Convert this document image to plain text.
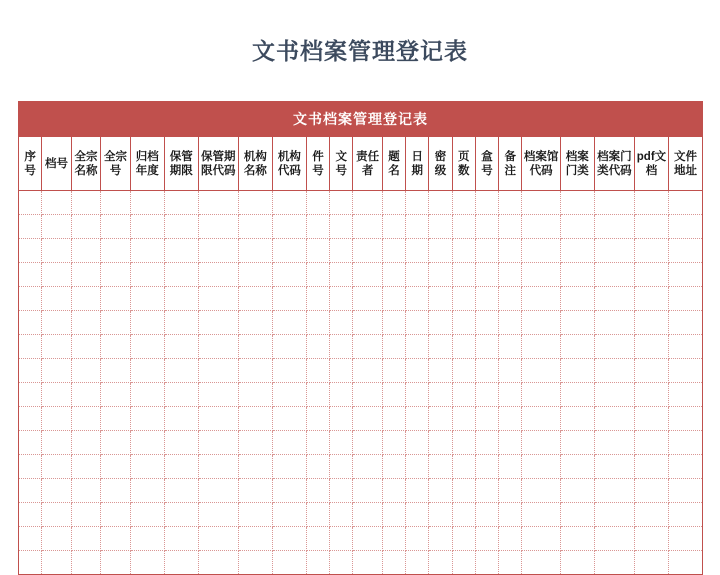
文书档案管理登记表
文书档案管理登记表																						
序号	档号	全宗名称	全宗号	归档年度	保管期限	保管期限代码	机构名称	机构代码	件号	文号	责任者	题名	日期	密级	页数	盒号	备注	档案馆代码	档案门类	档案门类代码	pdf文档	文件地址
